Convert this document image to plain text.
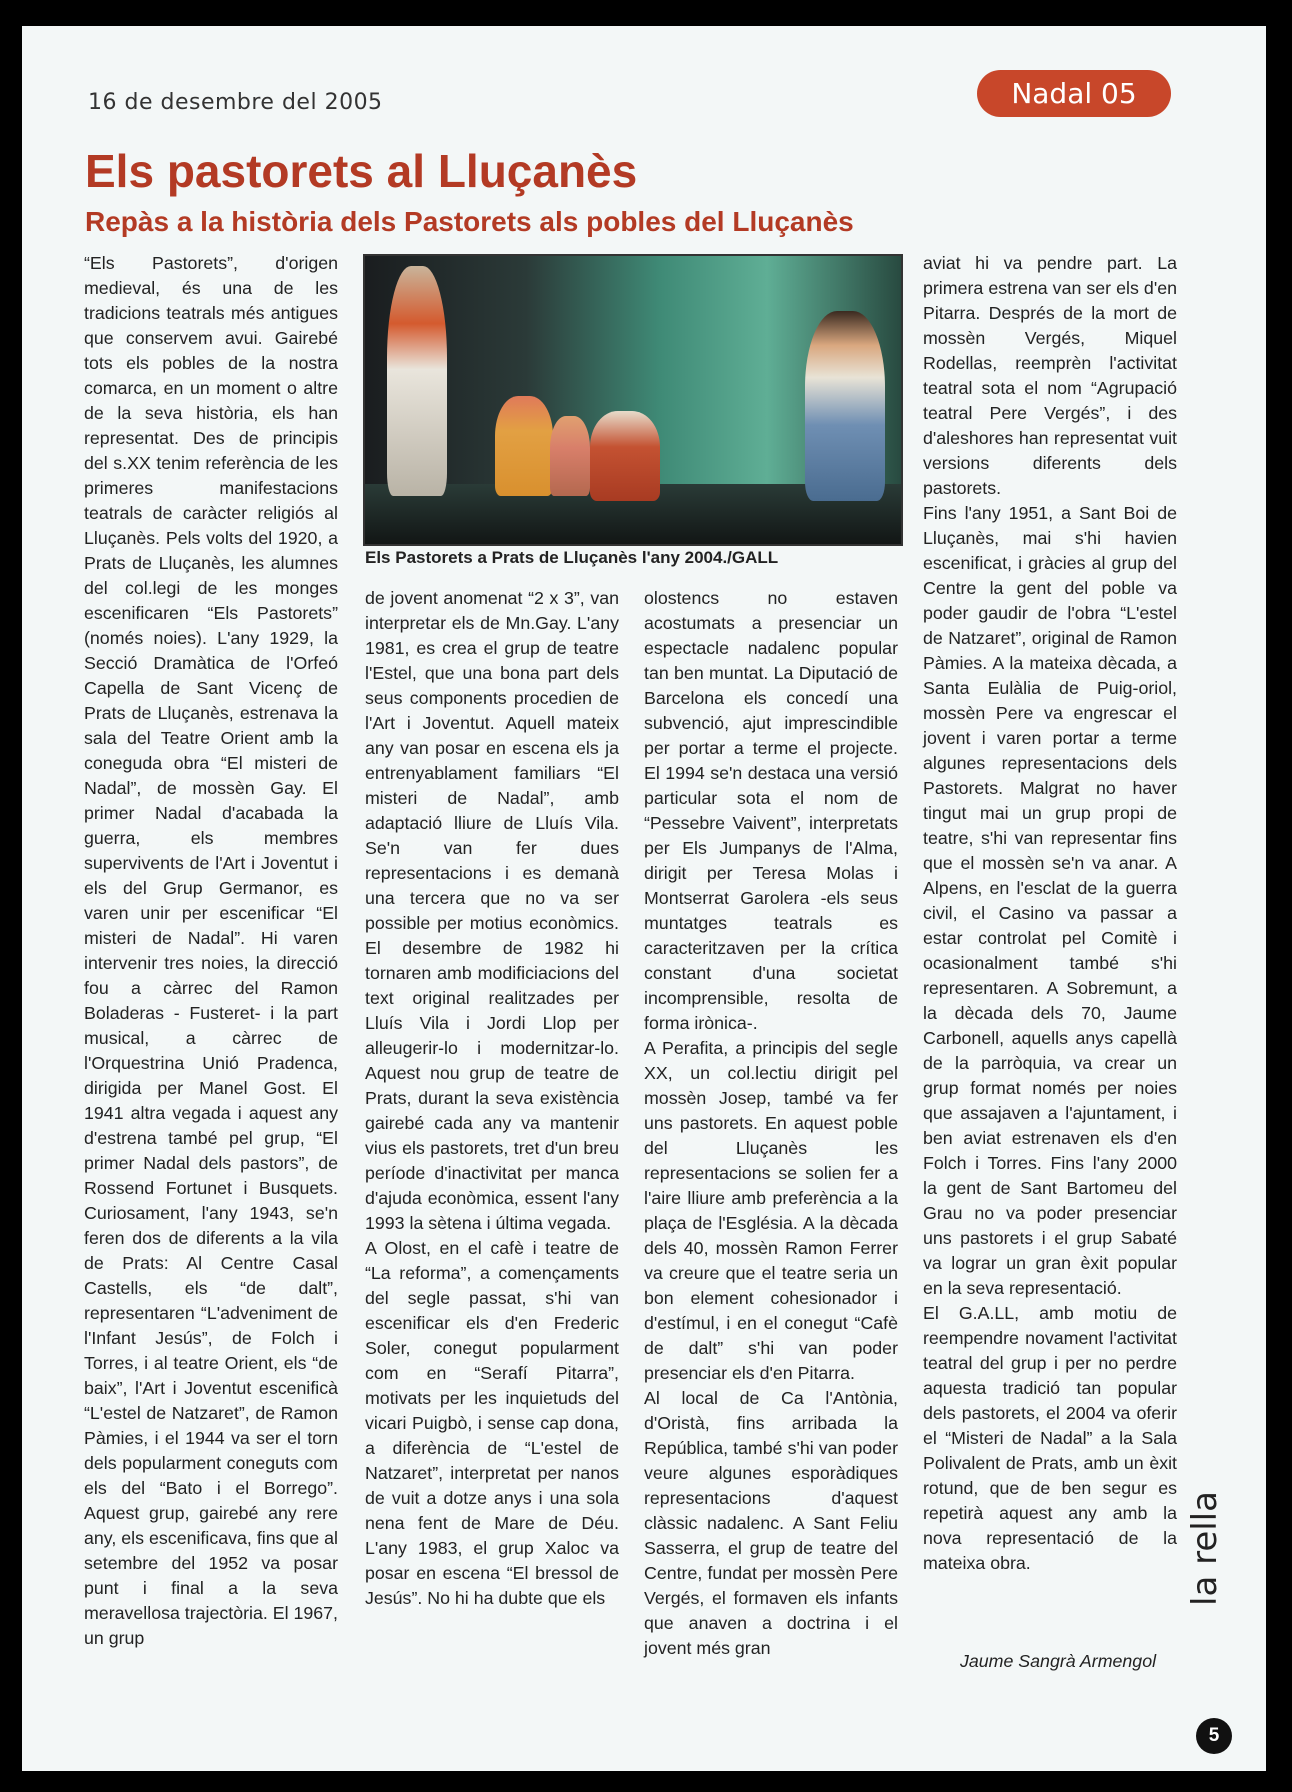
16 de desembre del 2005	Nadal 05
Els pastorets al Lluçanès
Repàs a la història dels Pastorets als pobles del Lluçanès

“Els Pastorets”, d'origen medieval, és una de les tradicions teatrals més antigues que conservem avui. Gairebé tots els pobles de la nostra comarca, en un moment o altre de la seva història, els han representat. Des de principis del s.XX tenim referència de les primeres manifestacions teatrals de caràcter religiós al Lluçanès. Pels volts del 1920, a Prats de Lluçanès, les alumnes del col.legi de les monges escenificaren “Els Pastorets” (només noies). L'any 1929, la Secció Dramàtica de l'Orfeó Capella de Sant Vicenç de Prats de Lluçanès, estrenava la sala del Teatre Orient amb la coneguda obra “El misteri de Nadal”, de mossèn Gay. El primer Nadal d'acabada la guerra, els membres supervivents de l'Art i Joventut i els del Grup Germanor, es varen unir per escenificar “El misteri de Nadal”. Hi varen intervenir tres noies, la direcció fou a càrrec del Ramon Boladeras - Fusteret- i la part musical, a càrrec de l'Orquestrina Unió Pradenca, dirigida per Manel Gost. El 1941 altra vegada i aquest any d'estrena també pel grup, “El primer Nadal dels pastors”, de Rossend Fortunet i Busquets. Curiosament, l'any 1943, se'n feren dos de diferents a la vila de Prats: Al Centre Casal Castells, els “de dalt”, representaren “L'adveniment de l'Infant Jesús”, de Folch i Torres, i al teatre Orient, els “de baix”, l'Art i Joventut escenificà “L'estel de Natzaret”, de Ramon Pàmies, i el 1944 va ser el torn dels popularment coneguts com els del “Bato i el Borrego”. Aquest grup, gairebé any rere any, els escenificava, fins que al setembre del 1952 va posar punt i final a la seva meravellosa trajectòria. El 1967, un grup

Els Pastorets a Prats de Lluçanès l'any 2004./GALL

de jovent anomenat “2 x 3”, van interpretar els de Mn.Gay. L'any 1981, es crea el grup de teatre l'Estel, que una bona part dels seus components procedien de l'Art i Joventut. Aquell mateix any van posar en escena els ja entrenyablament familiars “El misteri de Nadal”, amb adaptació lliure de Lluís Vila. Se'n van fer dues representacions i es demanà una tercera que no va ser possible per motius econòmics. El desembre de 1982 hi tornaren amb modificiacions del text original realitzades per Lluís Vila i Jordi Llop per alleugerir-lo i modernitzar-lo. Aquest nou grup de teatre de Prats, durant la seva existència gairebé cada any va mantenir vius els pastorets, tret d'un breu període d'inactivitat per manca d'ajuda econòmica, essent l'any 1993 la sètena i última vegada.

A Olost, en el cafè i teatre de “La reforma”, a començaments del segle passat, s'hi van escenificar els d'en Frederic Soler, conegut popularment com en “Serafí Pitarra”, motivats per les inquietuds del vicari Puigbò, i sense cap dona, a diferència de “L'estel de Natzaret”, interpretat per nanos de vuit a dotze anys i una sola nena fent de Mare de Déu. L'any 1983, el grup Xaloc va posar en escena “El bressol de Jesús”. No hi ha dubte que els

olostencs no estaven acostumats a presenciar un espectacle nadalenc popular tan ben muntat. La Diputació de Barcelona els concedí una subvenció, ajut imprescindible per portar a terme el projecte. El 1994 se'n destaca una versió particular sota el nom de “Pessebre Vaivent”, interpretats per Els Jumpanys de l'Alma, dirigit per Teresa Molas i Montserrat Garolera -els seus muntatges teatrals es caracteritzaven per la crítica constant d'una societat incomprensible, resolta de forma irònica-.

A Perafita, a principis del segle XX, un col.lectiu dirigit pel mossèn Josep, també va fer uns pastorets. En aquest poble del Lluçanès les representacions se solien fer a l'aire lliure amb preferència a la plaça de l'Església. A la dècada dels 40, mossèn Ramon Ferrer va creure que el teatre seria un bon element cohesionador i d'estímul, i en el conegut “Cafè de dalt” s'hi van poder presenciar els d'en Pitarra.

Al local de Ca l'Antònia, d'Oristà, fins arribada la República, també s'hi van poder veure algunes esporàdiques representacions d'aquest clàssic nadalenc. A Sant Feliu Sasserra, el grup de teatre del Centre, fundat per mossèn Pere Vergés, el formaven els infants que anaven a doctrina i el jovent més gran

aviat hi va pendre part. La primera estrena van ser els d'en Pitarra. Després de la mort de mossèn Vergés, Miquel Rodellas, reemprèn l'activitat teatral sota el nom “Agrupació teatral Pere Vergés”, i des d'aleshores han representat vuit versions diferents dels pastorets.

Fins l'any 1951, a Sant Boi de Lluçanès, mai s'hi havien escenificat, i gràcies al grup del Centre la gent del poble va poder gaudir de l'obra “L'estel de Natzaret”, original de Ramon Pàmies. A la mateixa dècada, a Santa Eulàlia de Puig-oriol, mossèn Pere va engrescar el jovent i varen portar a terme algunes representacions dels Pastorets. Malgrat no haver tingut mai un grup propi de teatre, s'hi van representar fins que el mossèn se'n va anar. A Alpens, en l'esclat de la guerra civil, el Casino va passar a estar controlat pel Comitè i ocasionalment també s'hi representaren. A Sobremunt, a la dècada dels 70, Jaume Carbonell, aquells anys capellà de la parròquia, va crear un grup format només per noies que assajaven a l'ajuntament, i ben aviat estrenaven els d'en Folch i Torres. Fins l'any 2000 la gent de Sant Bartomeu del Grau no va poder presenciar uns pastorets i el grup Sabaté va lograr un gran èxit popular en la seva representació.

El G.A.LL, amb motiu de reempendre novament l'activitat teatral del grup i per no perdre aquesta tradició tan popular dels pastorets, el 2004 va oferir el “Misteri de Nadal” a la Sala Polivalent de Prats, amb un èxit rotund, que de ben segur es repetirà aquest any amb la nova representació de la mateixa obra.

Jaume Sangrà Armengol
la rella
5
